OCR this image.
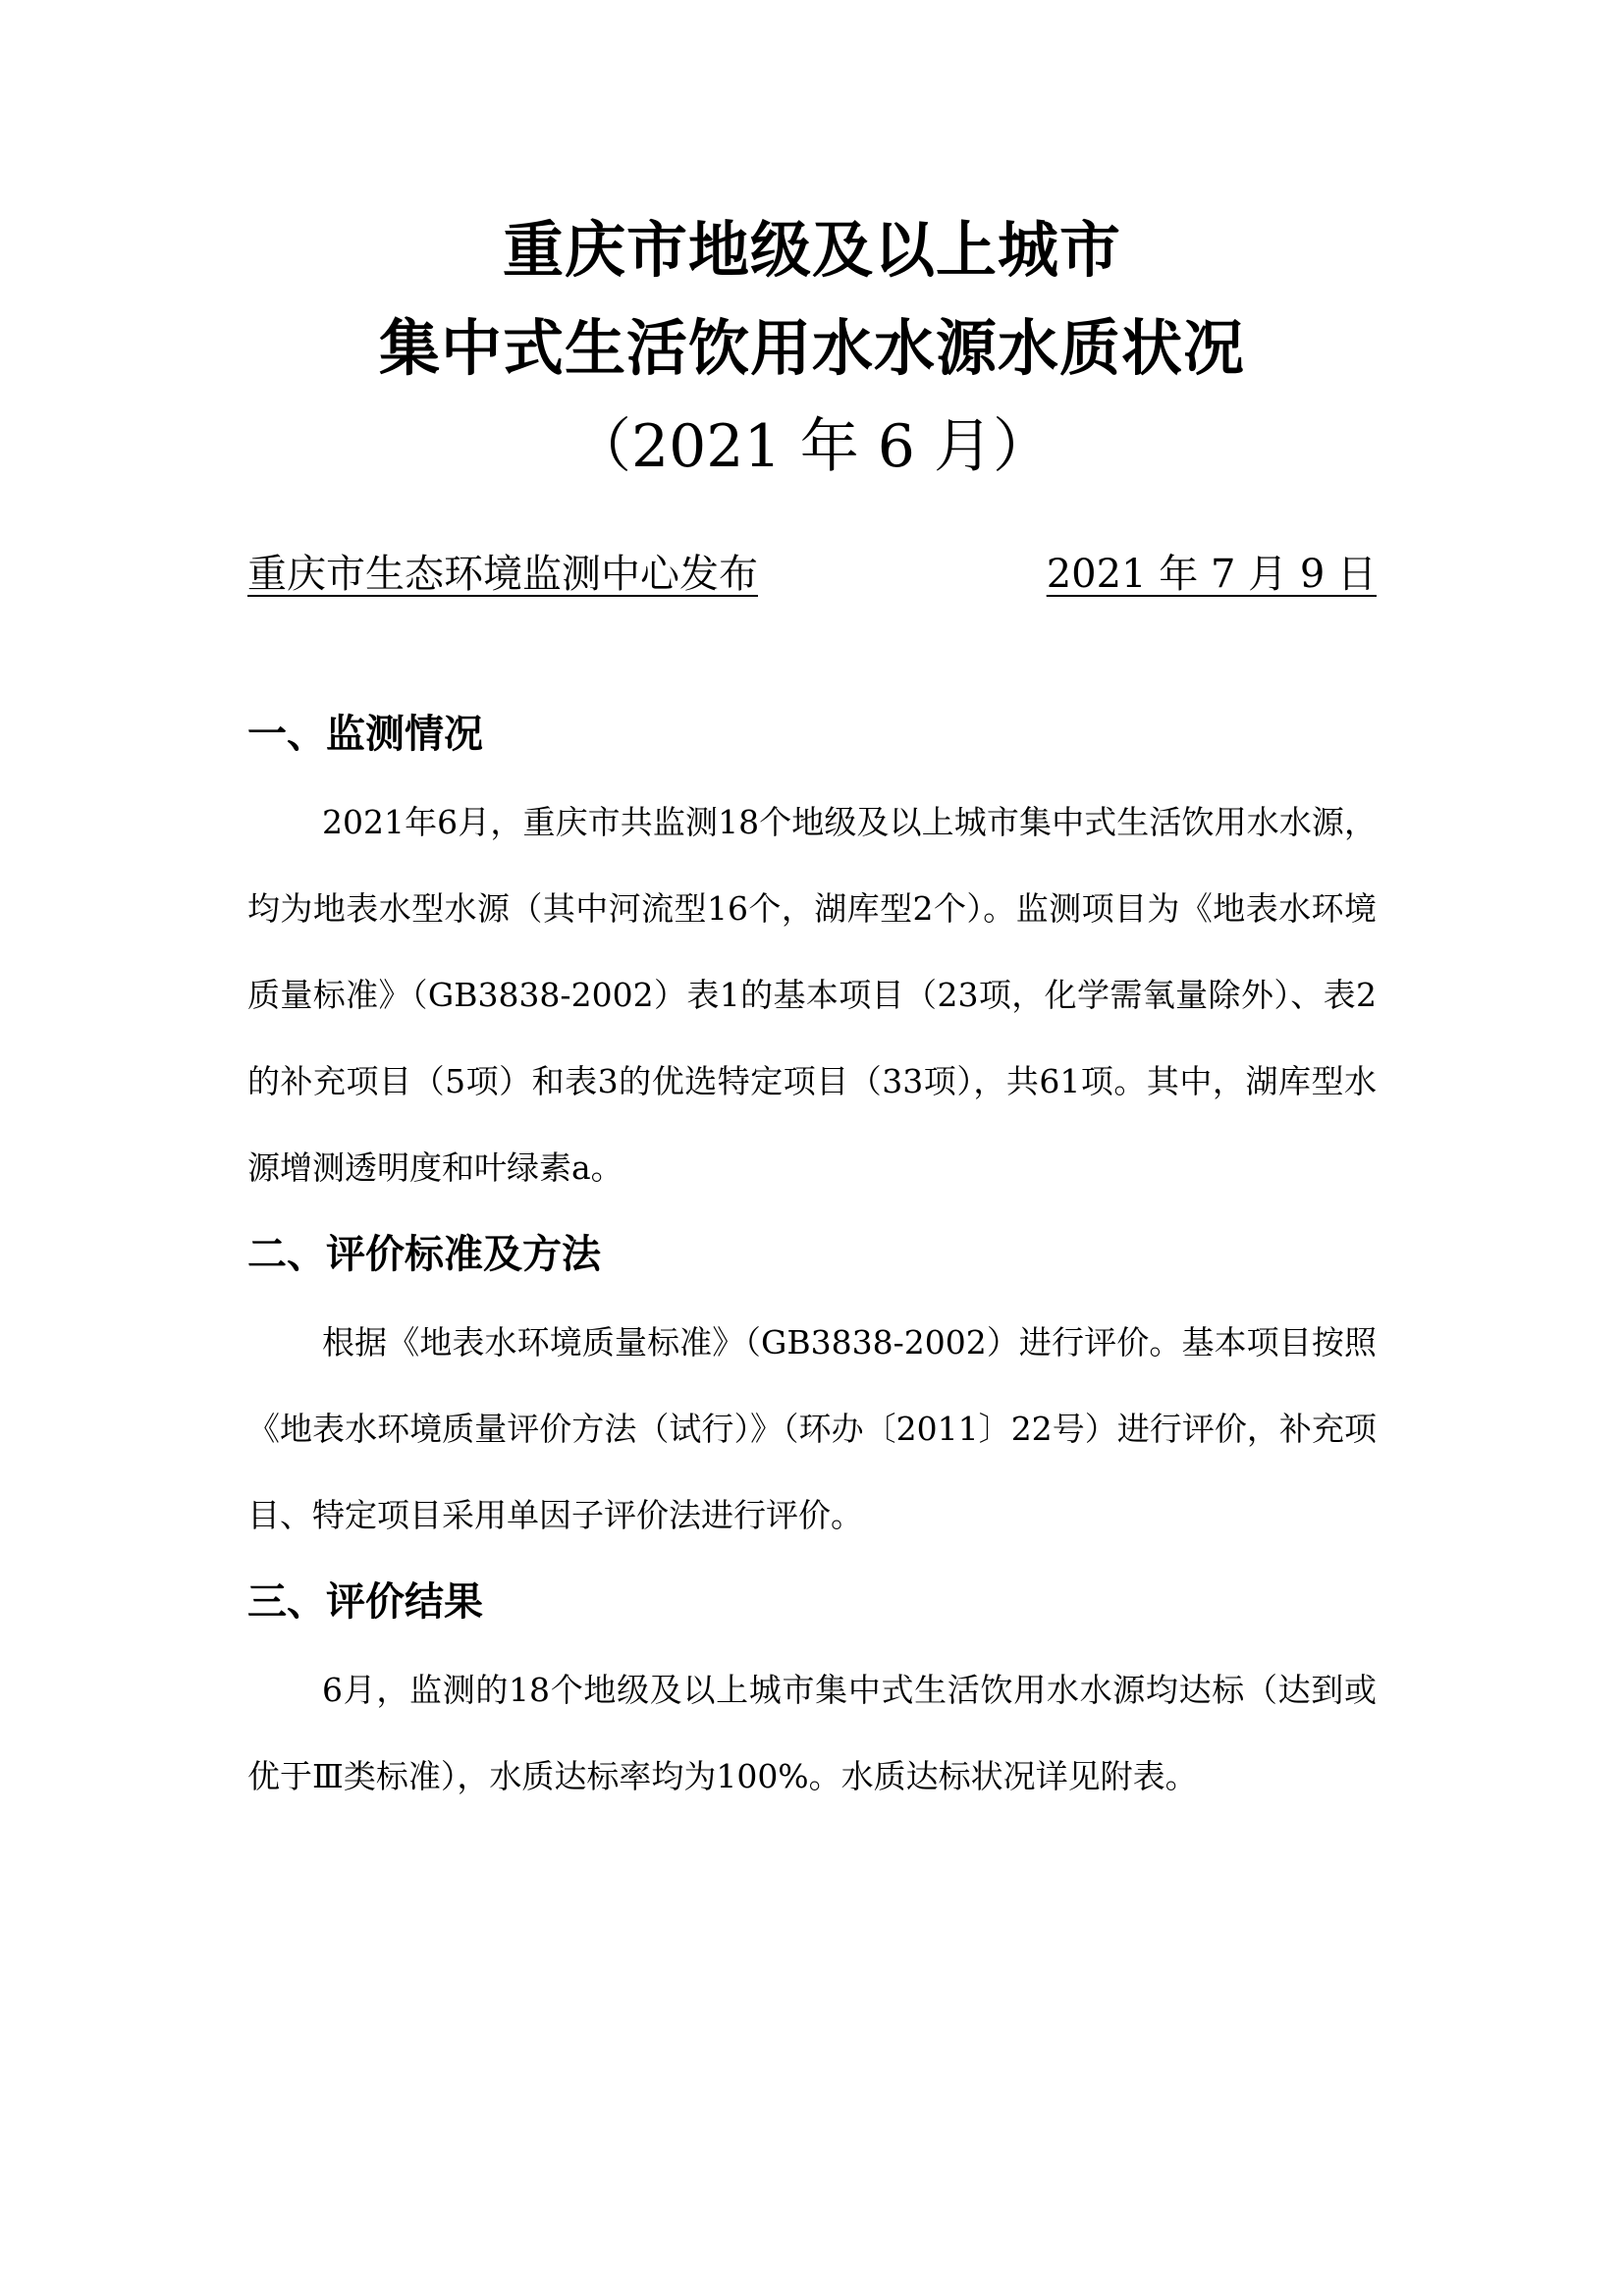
重庆市地级及以上城市
集中式生活饮用水水源水质状况
（2021 年 6 月）
重庆市生态环境监测中心发布	2021 年 7 月 9 日
一、监测情况

2021年6月，重庆市共监测18个地级及以上城市集中式生活饮用水水源，均为地表水型水源（其中河流型16个，湖库型2个）。监测项目为《地表水环境质量标准》（GB3838-2002）表1的基本项目（23项，化学需氧量除外）、表2的补充项目（5项）和表3的优选特定项目（33项），共61项。其中，湖库型水源增测透明度和叶绿素a。

二、评价标准及方法

根据《地表水环境质量标准》（GB3838-2002）进行评价。基本项目按照《地表水环境质量评价方法（试行）》（环办〔2011〕22号）进行评价，补充项目、特定项目采用单因子评价法进行评价。

三、评价结果

6月，监测的18个地级及以上城市集中式生活饮用水水源均达标（达到或优于Ⅲ类标准），水质达标率均为100%。水质达标状况详见附表。
